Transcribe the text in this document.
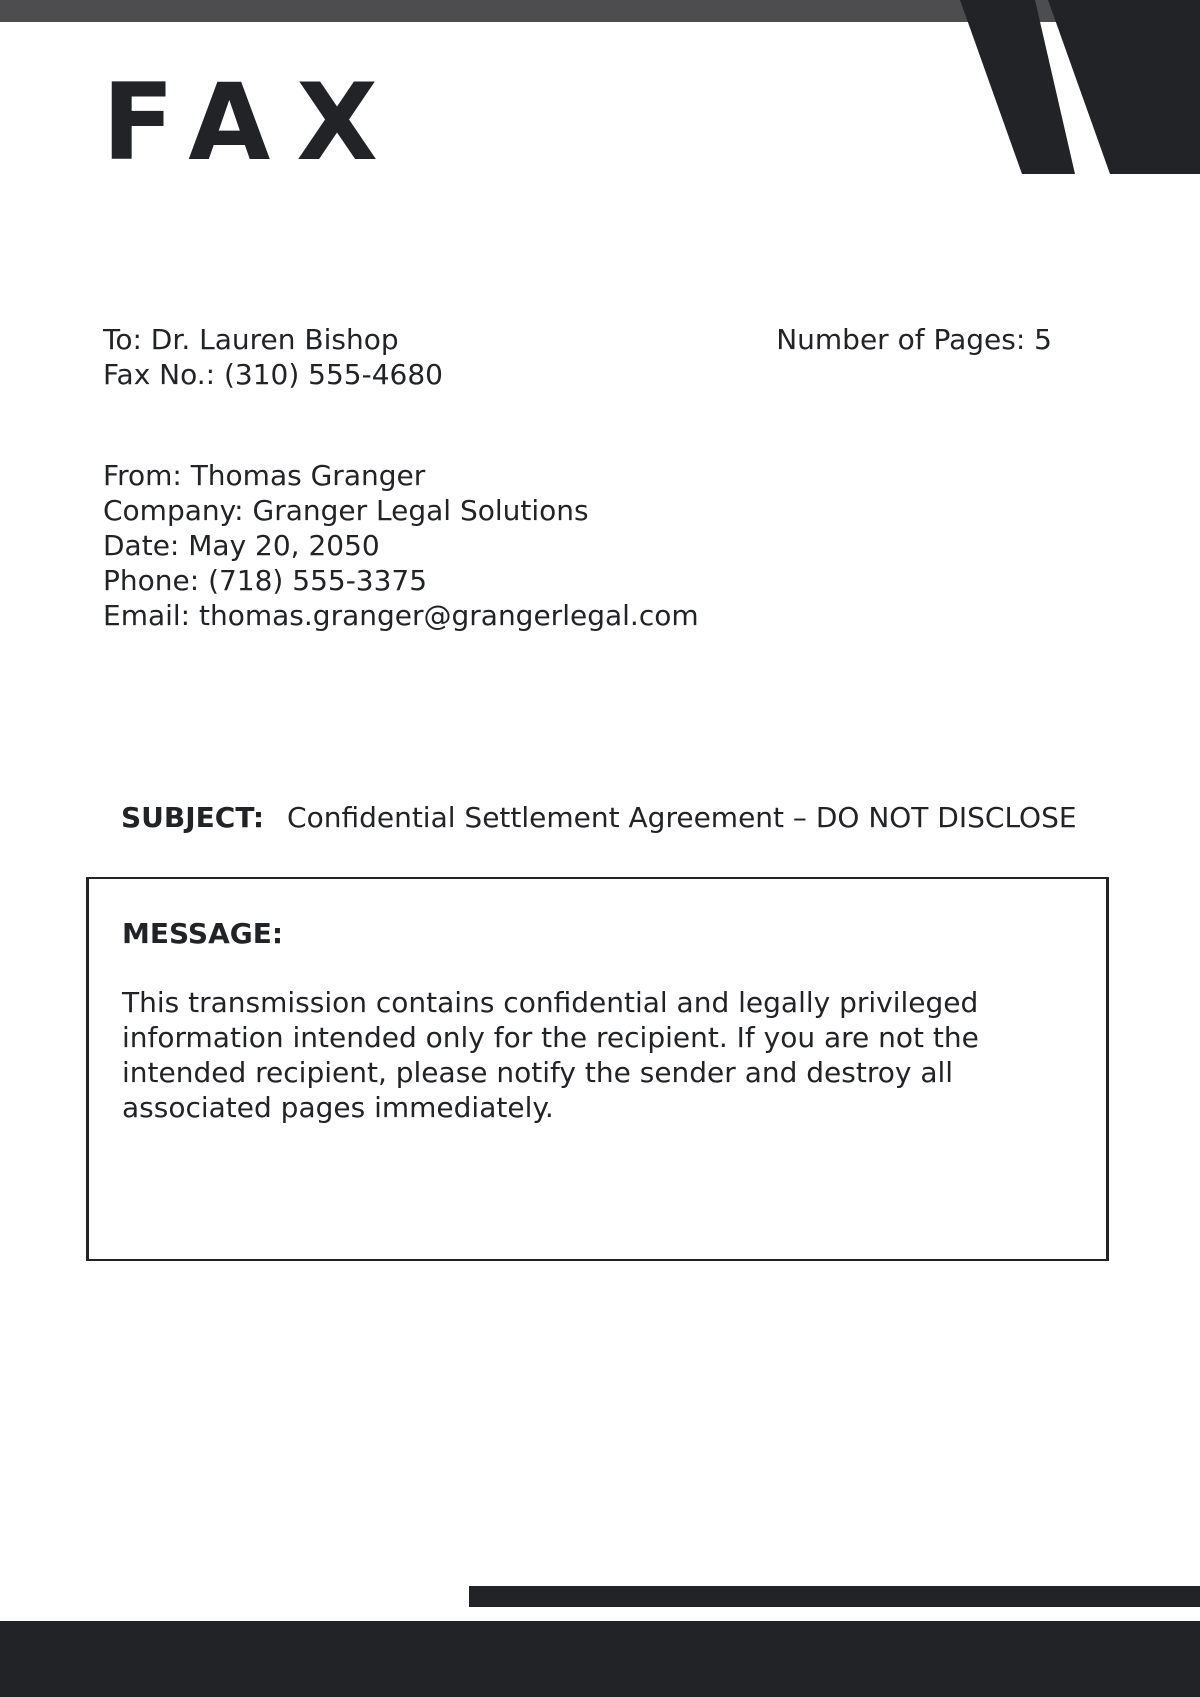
FAX
To: Dr. Lauren Bishop
Fax No.: (310) 555-4680
Number of Pages: 5
From: Thomas Granger
Company: Granger Legal Solutions
Date: May 20, 2050
Phone: (718) 555-3375
Email: thomas.granger@grangerlegal.com
SUBJECT: Confidential Settlement Agreement – DO NOT DISCLOSE

MESSAGE:

This transmission contains confidential and legally privileged information intended only for the recipient. If you are not the intended recipient, please notify the sender and destroy all associated pages immediately.
